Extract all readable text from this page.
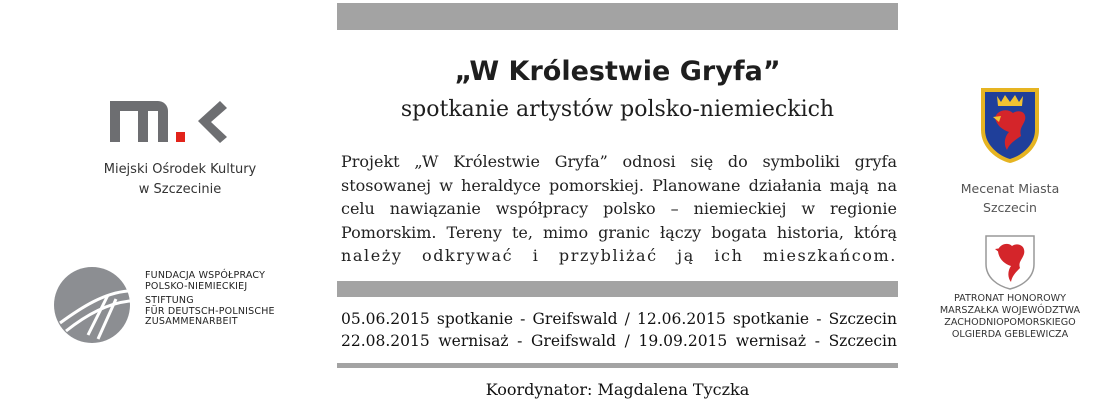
„W Królestwie Gryfa”
spotkanie artystów polsko-niemieckich
Projekt „W Królestwie Gryfa” odnosi się do symboliki gryfa
stosowanej w heraldyce pomorskiej. Planowane działania mają na
celu nawiązanie współpracy polsko – niemieckiej w regionie
Pomorskim. Tereny te, mimo granic łączy bogata historia, którą
należy odkrywać i przybliżać ją ich mieszkańcom.
05.06.2015 spotkanie - Greifswald / 12.06.2015 spotkanie - Szczecin
22.08.2015 wernisaż - Greifswald / 19.09.2015 wernisaż - Szczecin
Koordynator: Magdalena Tyczka
Miejski Ośrodek Kultury
w Szczecinie
FUNDACJA WSPÓŁPRACY
POLSKO-NIEMIECKIEJ
STIFTUNG
FÜR DEUTSCH-POLNISCHE
ZUSAMMENARBEIT
Mecenat Miasta
Szczecin
PATRONAT HONOROWY
MARSZAŁKA WOJEWÓDZTWA
ZACHODNIOPOMORSKIEGO
OLGIERDA GEBLEWICZA
